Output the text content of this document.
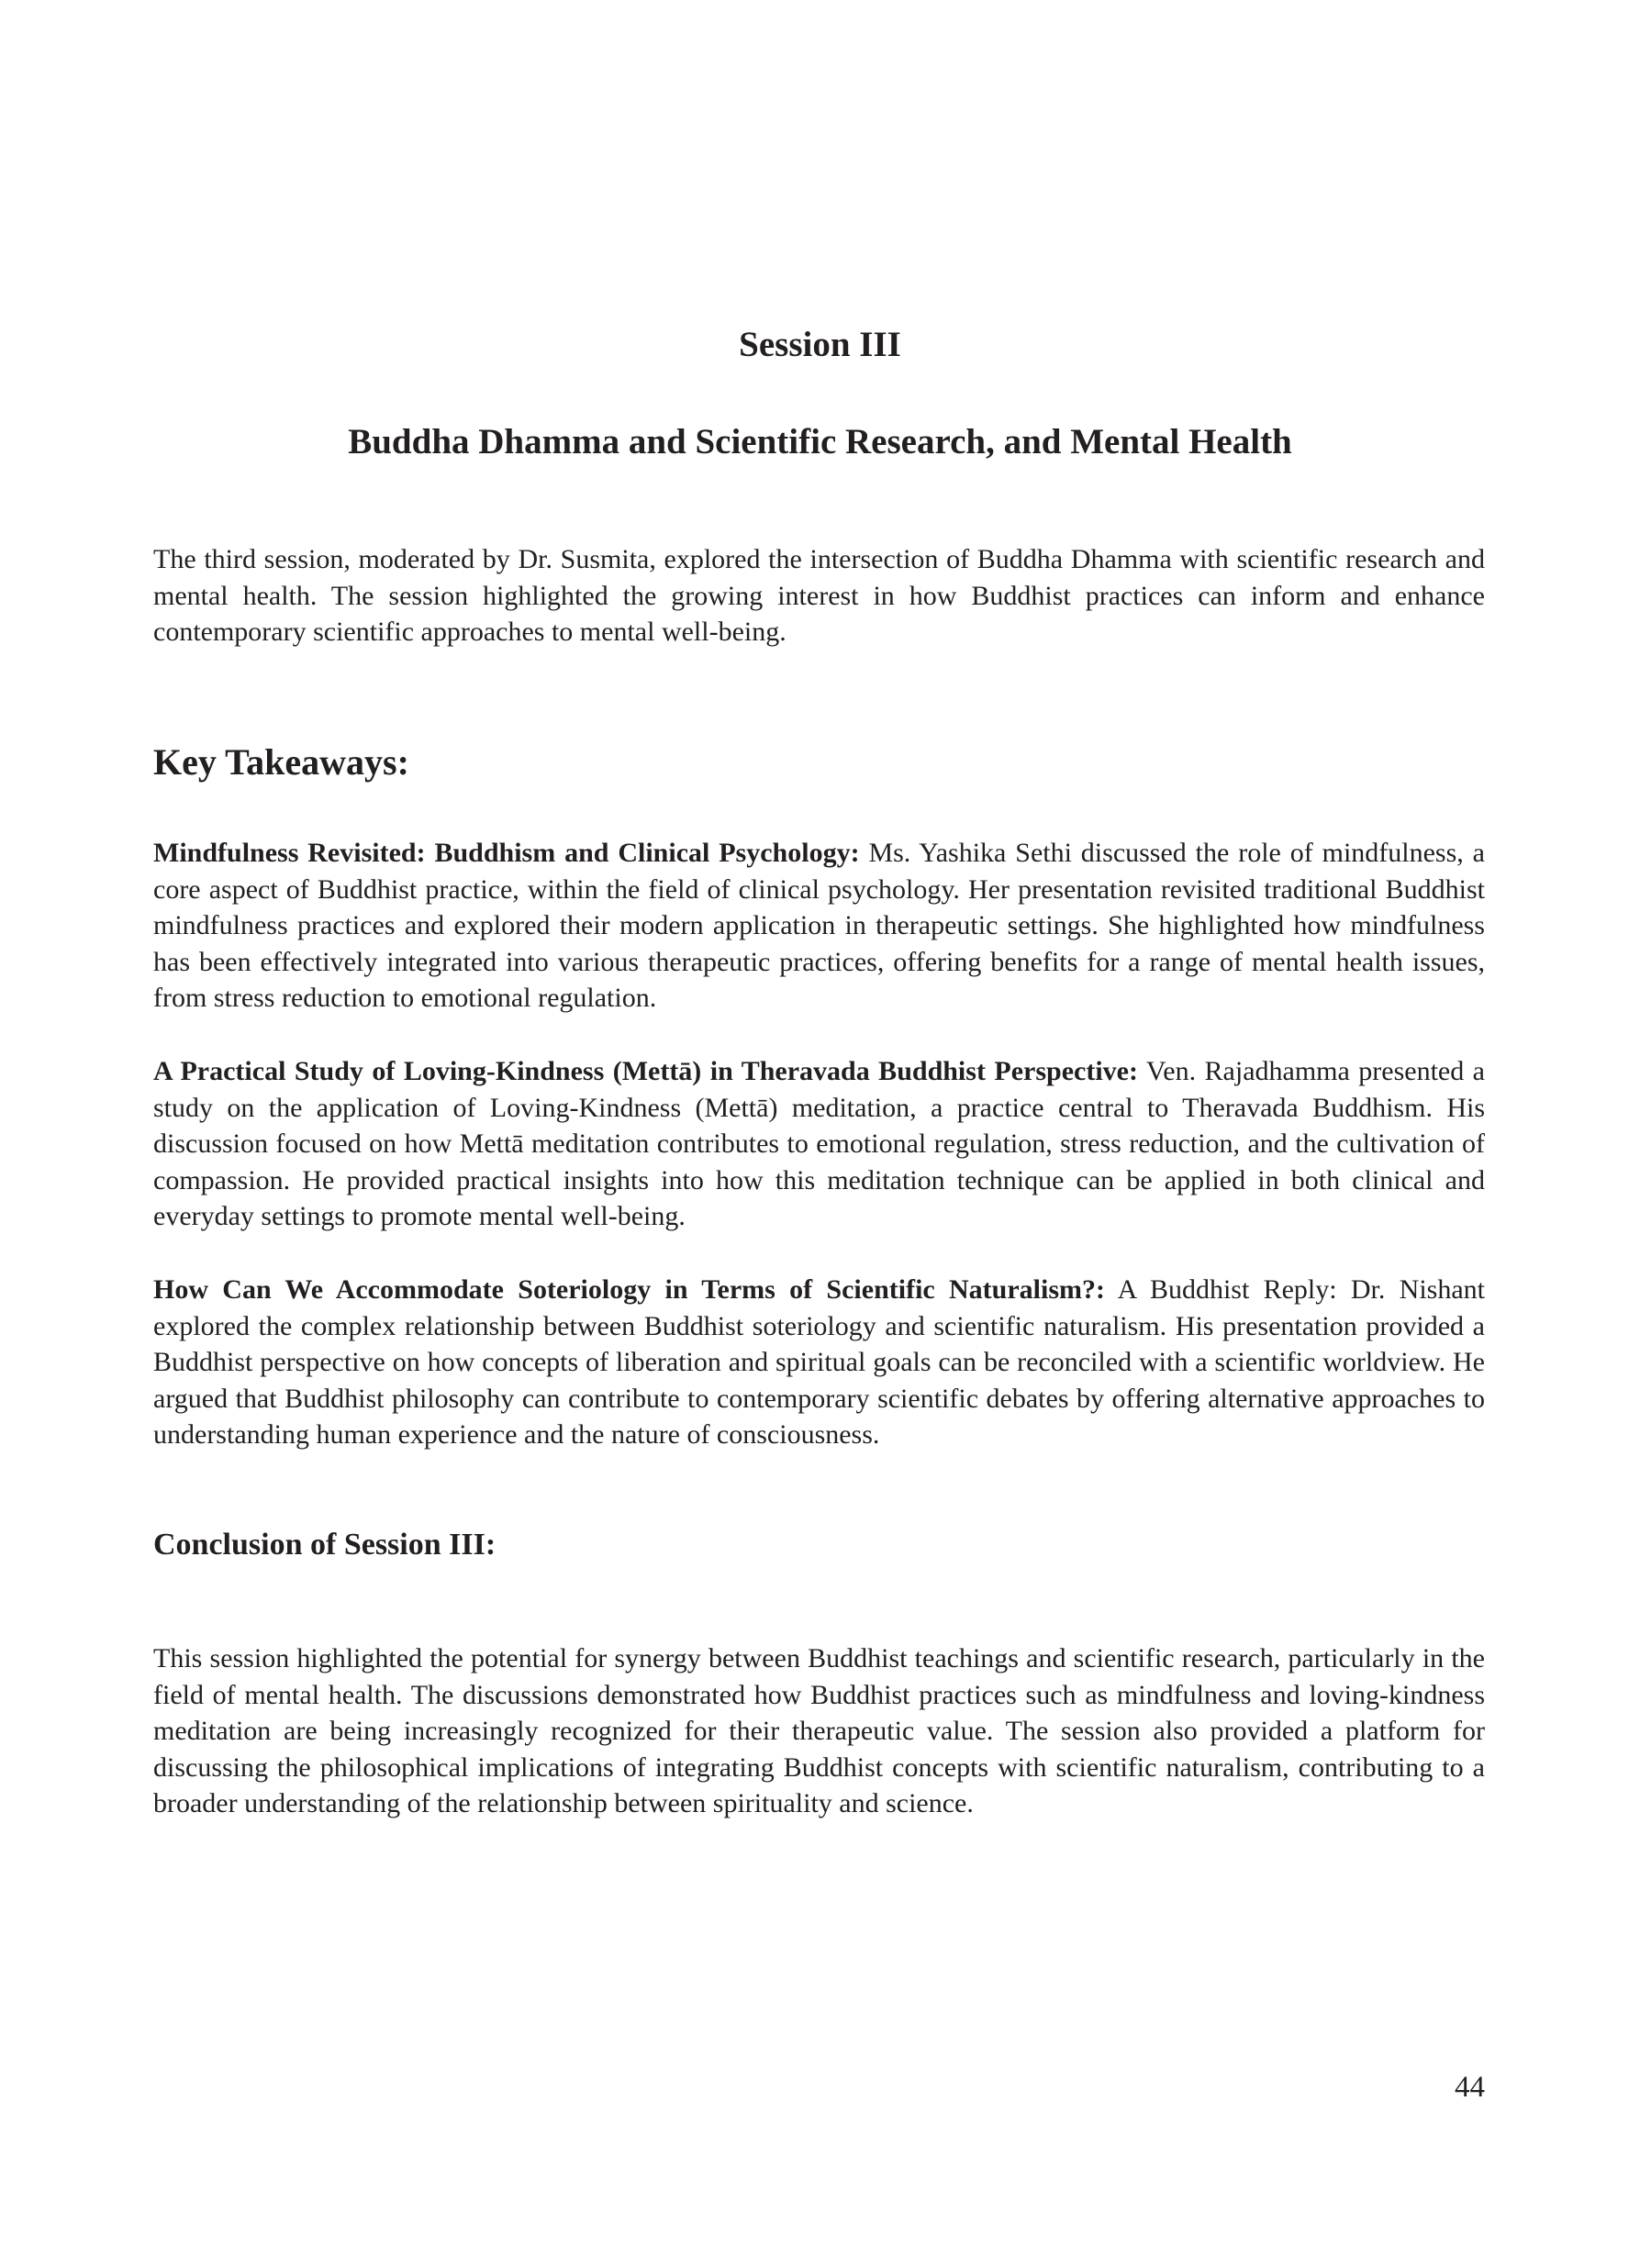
Session III
Buddha Dhamma and Scientific Research, and Mental Health

The third session, moderated by Dr. Susmita, explored the intersection of Buddha Dhamma with scientific research and mental health. The session highlighted the growing interest in how Buddhist practices can inform and enhance contemporary scientific approaches to mental well-being.

Key Takeaways:

Mindfulness Revisited: Buddhism and Clinical Psychology: Ms. Yashika Sethi discussed the role of mindfulness, a core aspect of Buddhist practice, within the field of clinical psychology. Her presentation revisited traditional Buddhist mindfulness practices and explored their modern application in therapeutic settings. She highlighted how mindfulness has been effectively integrated into various therapeutic practices, offering benefits for a range of mental health issues, from stress reduction to emotional regulation.

A Practical Study of Loving-Kindness (Mettā) in Theravada Buddhist Perspective: Ven. Rajadhamma presented a study on the application of Loving-Kindness (Mettā) meditation, a practice central to Theravada Buddhism. His discussion focused on how Mettā meditation contributes to emotional regulation, stress reduction, and the cultivation of compassion. He provided practical insights into how this meditation technique can be applied in both clinical and everyday settings to promote mental well-being.

How Can We Accommodate Soteriology in Terms of Scientific Naturalism?: A Buddhist Reply: Dr. Nishant explored the complex relationship between Buddhist soteriology and scientific naturalism. His presentation provided a Buddhist perspective on how concepts of liberation and spiritual goals can be reconciled with a scientific worldview. He argued that Buddhist philosophy can contribute to contemporary scientific debates by offering alternative approaches to understanding human experience and the nature of consciousness.

Conclusion of Session III:

This session highlighted the potential for synergy between Buddhist teachings and scientific research, particularly in the field of mental health. The discussions demonstrated how Buddhist practices such as mindfulness and loving-kindness meditation are being increasingly recognized for their therapeutic value. The session also provided a platform for discussing the philosophical implications of integrating Buddhist concepts with scientific naturalism, contributing to a broader understanding of the relationship between spirituality and science.

44
